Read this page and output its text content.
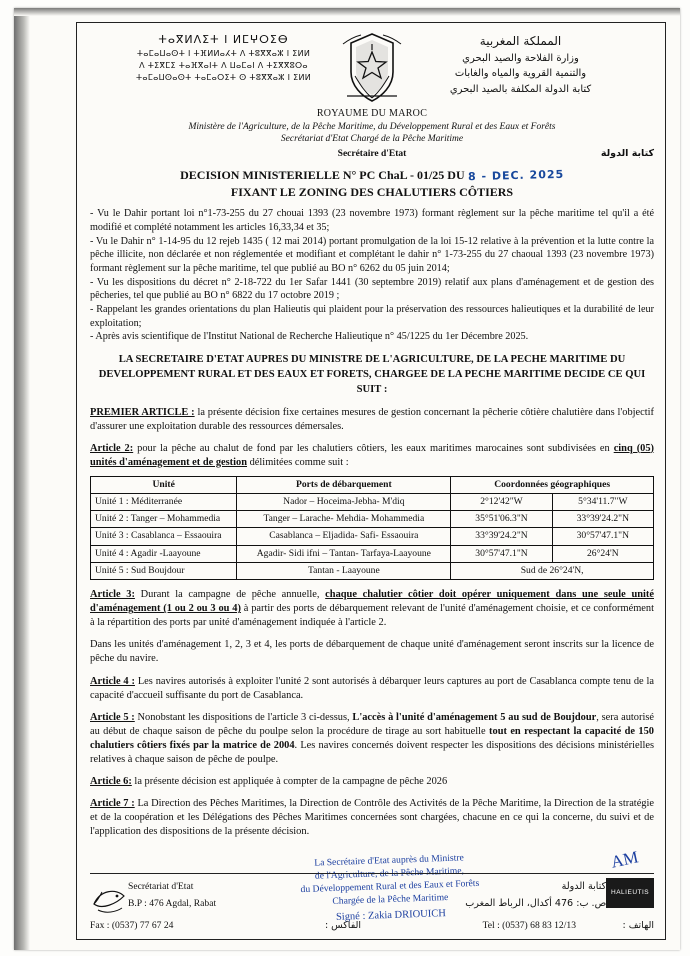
ⵜⴰⴳⵍⴷⵉⵜ ⵏ ⵍⵎⵖⵔⵉⴱ
ⵜⴰⵎⴰⵡⴰⵙⵜ ⵏ ⵜⴼⵍⵍⴰⵃⵜ ⴷ ⵜⵓⴳⴳⴰⵣ ⵏ ⵉⵍⵍ
ⴷ ⵜⵉⴳⵎⵉ ⵜⴰⴼⴳⴰⵏⵜ ⴷ ⵡⴰⵎⴰⵏ ⴷ ⵜⵉⴳⴳⵓⵔⴰ
ⵜⴰⵎⴰⵡⵙⴰⵙⵜ ⵜⴰⵎⴰⵔⵉⵜ ⵙ ⵜⵓⴳⴳⴰⵣ ⵏ ⵉⵍⵍ
المملكة المغربية
وزارة الفلاحة والصيد البحري
والتنمية القروية والمياه والغابات
كتابة الدولة المكلفة بالصيد البحري
ROYAUME DU MAROC
Ministère de l'Agriculture, de la Pêche Maritime, du Développement Rural et des Eaux et Forêts
Secrétariat d'Etat Chargé de la Pêche Maritime
Secrétaire d'Etat	كتابة الدولة
DECISION MINISTERIELLE N° PC ChaL - 01/25 DU 8 - DEC. 2025
FIXANT LE ZONING DES CHALUTIERS CÔTIERS

- Vu le Dahir portant loi n°1-73-255 du 27 chouai 1393 (23 novembre 1973) formant règlement sur la pêche maritime tel qu'il a été modifié et complété notamment les articles 16,33,34 et 35;

- Vu le Dahir n° 1-14-95 du 12 rejeb 1435 ( 12 mai 2014) portant promulgation de la loi 15-12 relative à la prévention et la lutte contre la pêche illicite, non déclarée et non réglementée et modifiant et complétant le dahir n° 1-73-255 du 27 chaoual 1393 (23 novembre 1973) formant règlement sur la pêche maritime, tel que publié au BO n° 6262 du 05 juin 2014;

- Vu les dispositions du décret n° 2-18-722 du 1er Safar 1441 (30 septembre 2019) relatif aux plans d'aménagement et de gestion des pêcheries, tel que publié au BO n° 6822 du 17 octobre 2019 ;

- Rappelant les grandes orientations du plan Halieutis qui plaident pour la préservation des ressources halieutiques et la durabilité de leur exploitation;

- Après avis scientifique de l'Institut National de Recherche Halieutique n° 45/1225 du 1er Décembre 2025.

LA SECRETAIRE D'ETAT AUPRES DU MINISTRE DE L'AGRICULTURE, DE LA PECHE MARITIME DU DEVELOPPEMENT RURAL ET DES EAUX ET FORETS, CHARGEE DE LA PECHE MARITIME DECIDE CE QUI SUIT :
PREMIER ARTICLE : la présente décision fixe certaines mesures de gestion concernant la pêcherie côtière chalutière dans l'objectif d'assurer une exploitation durable des ressources démersales.
Article 2: pour la pêche au chalut de fond par les chalutiers côtiers, les eaux maritimes marocaines sont subdivisées en cinq (05) unités d'aménagement et de gestion délimitées comme suit :
Unité	Ports de débarquement	Coordonnées géographiques	

Unité 1 : Méditerranée	Nador – Hoceima-Jebha- M'diq	2°12'42"W	5°34'11.7"W
Unité 2 : Tanger – Mohammedia	Tanger – Larache- Mehdia- Mohammedia	35°51'06.3"N	33°39'24.2"N
Unité 3 : Casablanca – Essaouira	Casablanca – Eljadida- Safi- Essaouira	33°39'24.2"N	30°57'47.1"N
Unité 4 : Agadir -Laayoune	Agadir- Sidi ifni – Tantan- Tarfaya-Laayoune	30°57'47.1"N	26°24'N
Unité 5 : Sud Boujdour	Tantan - Laayoune	Sud de 26°24'N,	
Article 3: Durant la campagne de pêche annuelle, chaque chalutier côtier doit opérer uniquement dans une seule unité d'aménagement (1 ou 2 ou 3 ou 4) à partir des ports de débarquement relevant de l'unité d'aménagement choisie, et ce conformément à la répartition des ports par unité d'aménagement indiquée à l'article 2.
Dans les unités d'aménagement 1, 2, 3 et 4, les ports de débarquement de chaque unité d'aménagement seront inscrits sur la licence de pêche du navire.
Article 4 : Les navires autorisés à exploiter l'unité 2 sont autorisés à débarquer leurs captures au port de Casablanca compte tenu de la capacité d'accueil suffisante du port de Casablanca.
Article 5 : Nonobstant les dispositions de l'article 3 ci-dessus, L'accès à l'unité d'aménagement 5 au sud de Boujdour, sera autorisé au début de chaque saison de pêche du poulpe selon la procédure de tirage au sort habituelle tout en respectant la capacité de 150 chalutiers côtiers fixés par la matrice de 2004. Les navires concernés doivent respecter les dispositions des décisions ministérielles relatives à chaque saison de pêche de poulpe.
Article 6: la présente décision est appliquée à compter de la campagne de pêche 2026
Article 7 : La Direction des Pêches Maritimes, la Direction de Contrôle des Activités de la Pêche Maritime, la Direction de la stratégie et de la coopération et les Délégations des Pêches Maritimes concernées sont chargées, chacune en ce qui la concerne, du suivi et de l'application des dispositions de la présente décision.
La Secrétaire d'Etat auprès du Ministre
de l'Agriculture, de la Pêche Maritime,
du Développement Rural et des Eaux et Forêts
Chargée de la Pêche Maritime
Signé : Zakia DRIOUICH
AM
Secrétariat d'Etat
B.P : 476 Agdal, Rabat
كتابة الدولة
ص. ب: 476 أكدال، الرباط المغرب
HALIEUTIS
Fax : (0537) 77 67 24	الفاكس :	Tel : (0537) 68 83 12/13	الهاتف :
